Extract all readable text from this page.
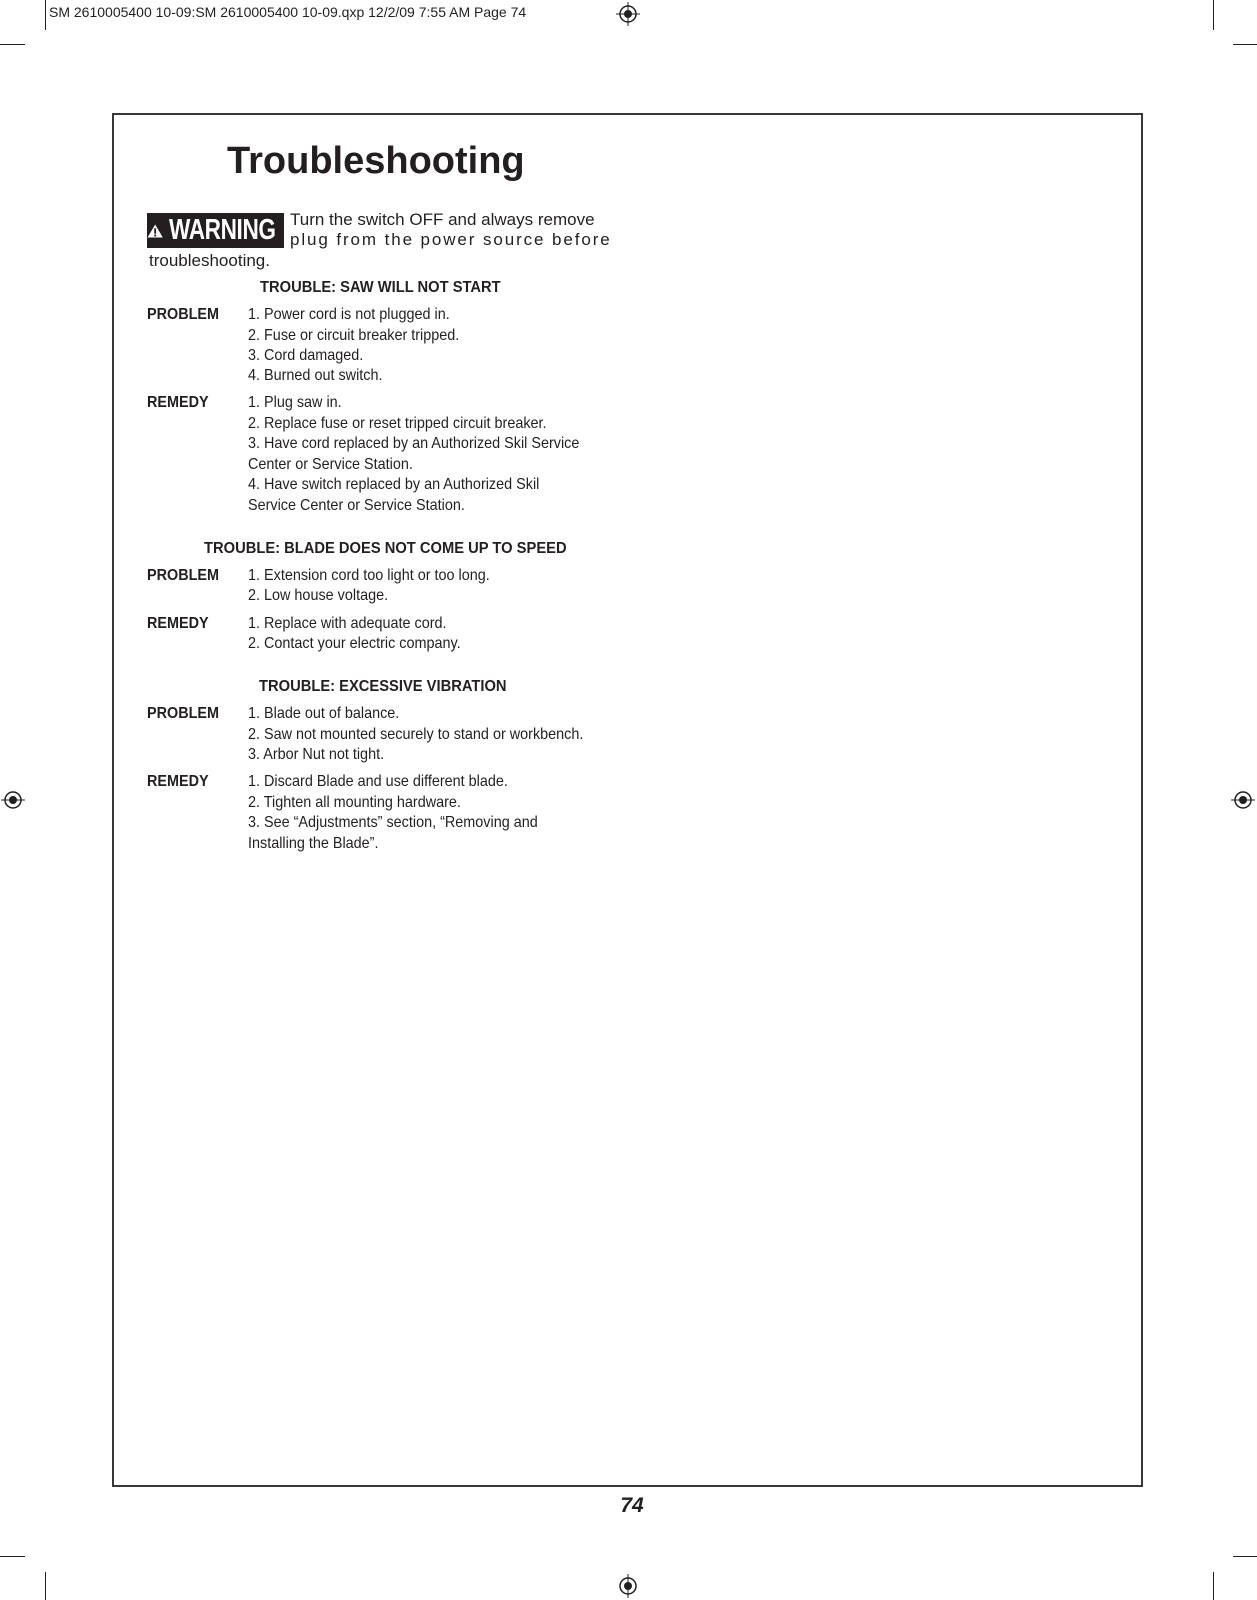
SM 2610005400 10-09:SM 2610005400 10-09.qxp 12/2/09 7:55 AM Page 74
Troubleshooting
WARNING Turn the switch OFF and always remove
plug from the power source before
troubleshooting.
TROUBLE: SAW WILL NOT START
PROBLEM 1. Power cord is not plugged in.
2. Fuse or circuit breaker tripped.
3. Cord damaged.
4. Burned out switch.
REMEDY 1. Plug saw in.
2. Replace fuse or reset tripped circuit breaker.
3. Have cord replaced by an Authorized Skil Service
Center or Service Station.
4. Have switch replaced by an Authorized Skil
Service Center or Service Station.
TROUBLE: BLADE DOES NOT COME UP TO SPEED
PROBLEM 1. Extension cord too light or too long.
2. Low house voltage.
REMEDY 1. Replace with adequate cord.
2. Contact your electric company.
TROUBLE: EXCESSIVE VIBRATION
PROBLEM 1. Blade out of balance.
2. Saw not mounted securely to stand or workbench.
3. Arbor Nut not tight.
REMEDY 1. Discard Blade and use different blade.
2. Tighten all mounting hardware.
3. See “Adjustments” section, “Removing and
Installing the Blade”.
74
